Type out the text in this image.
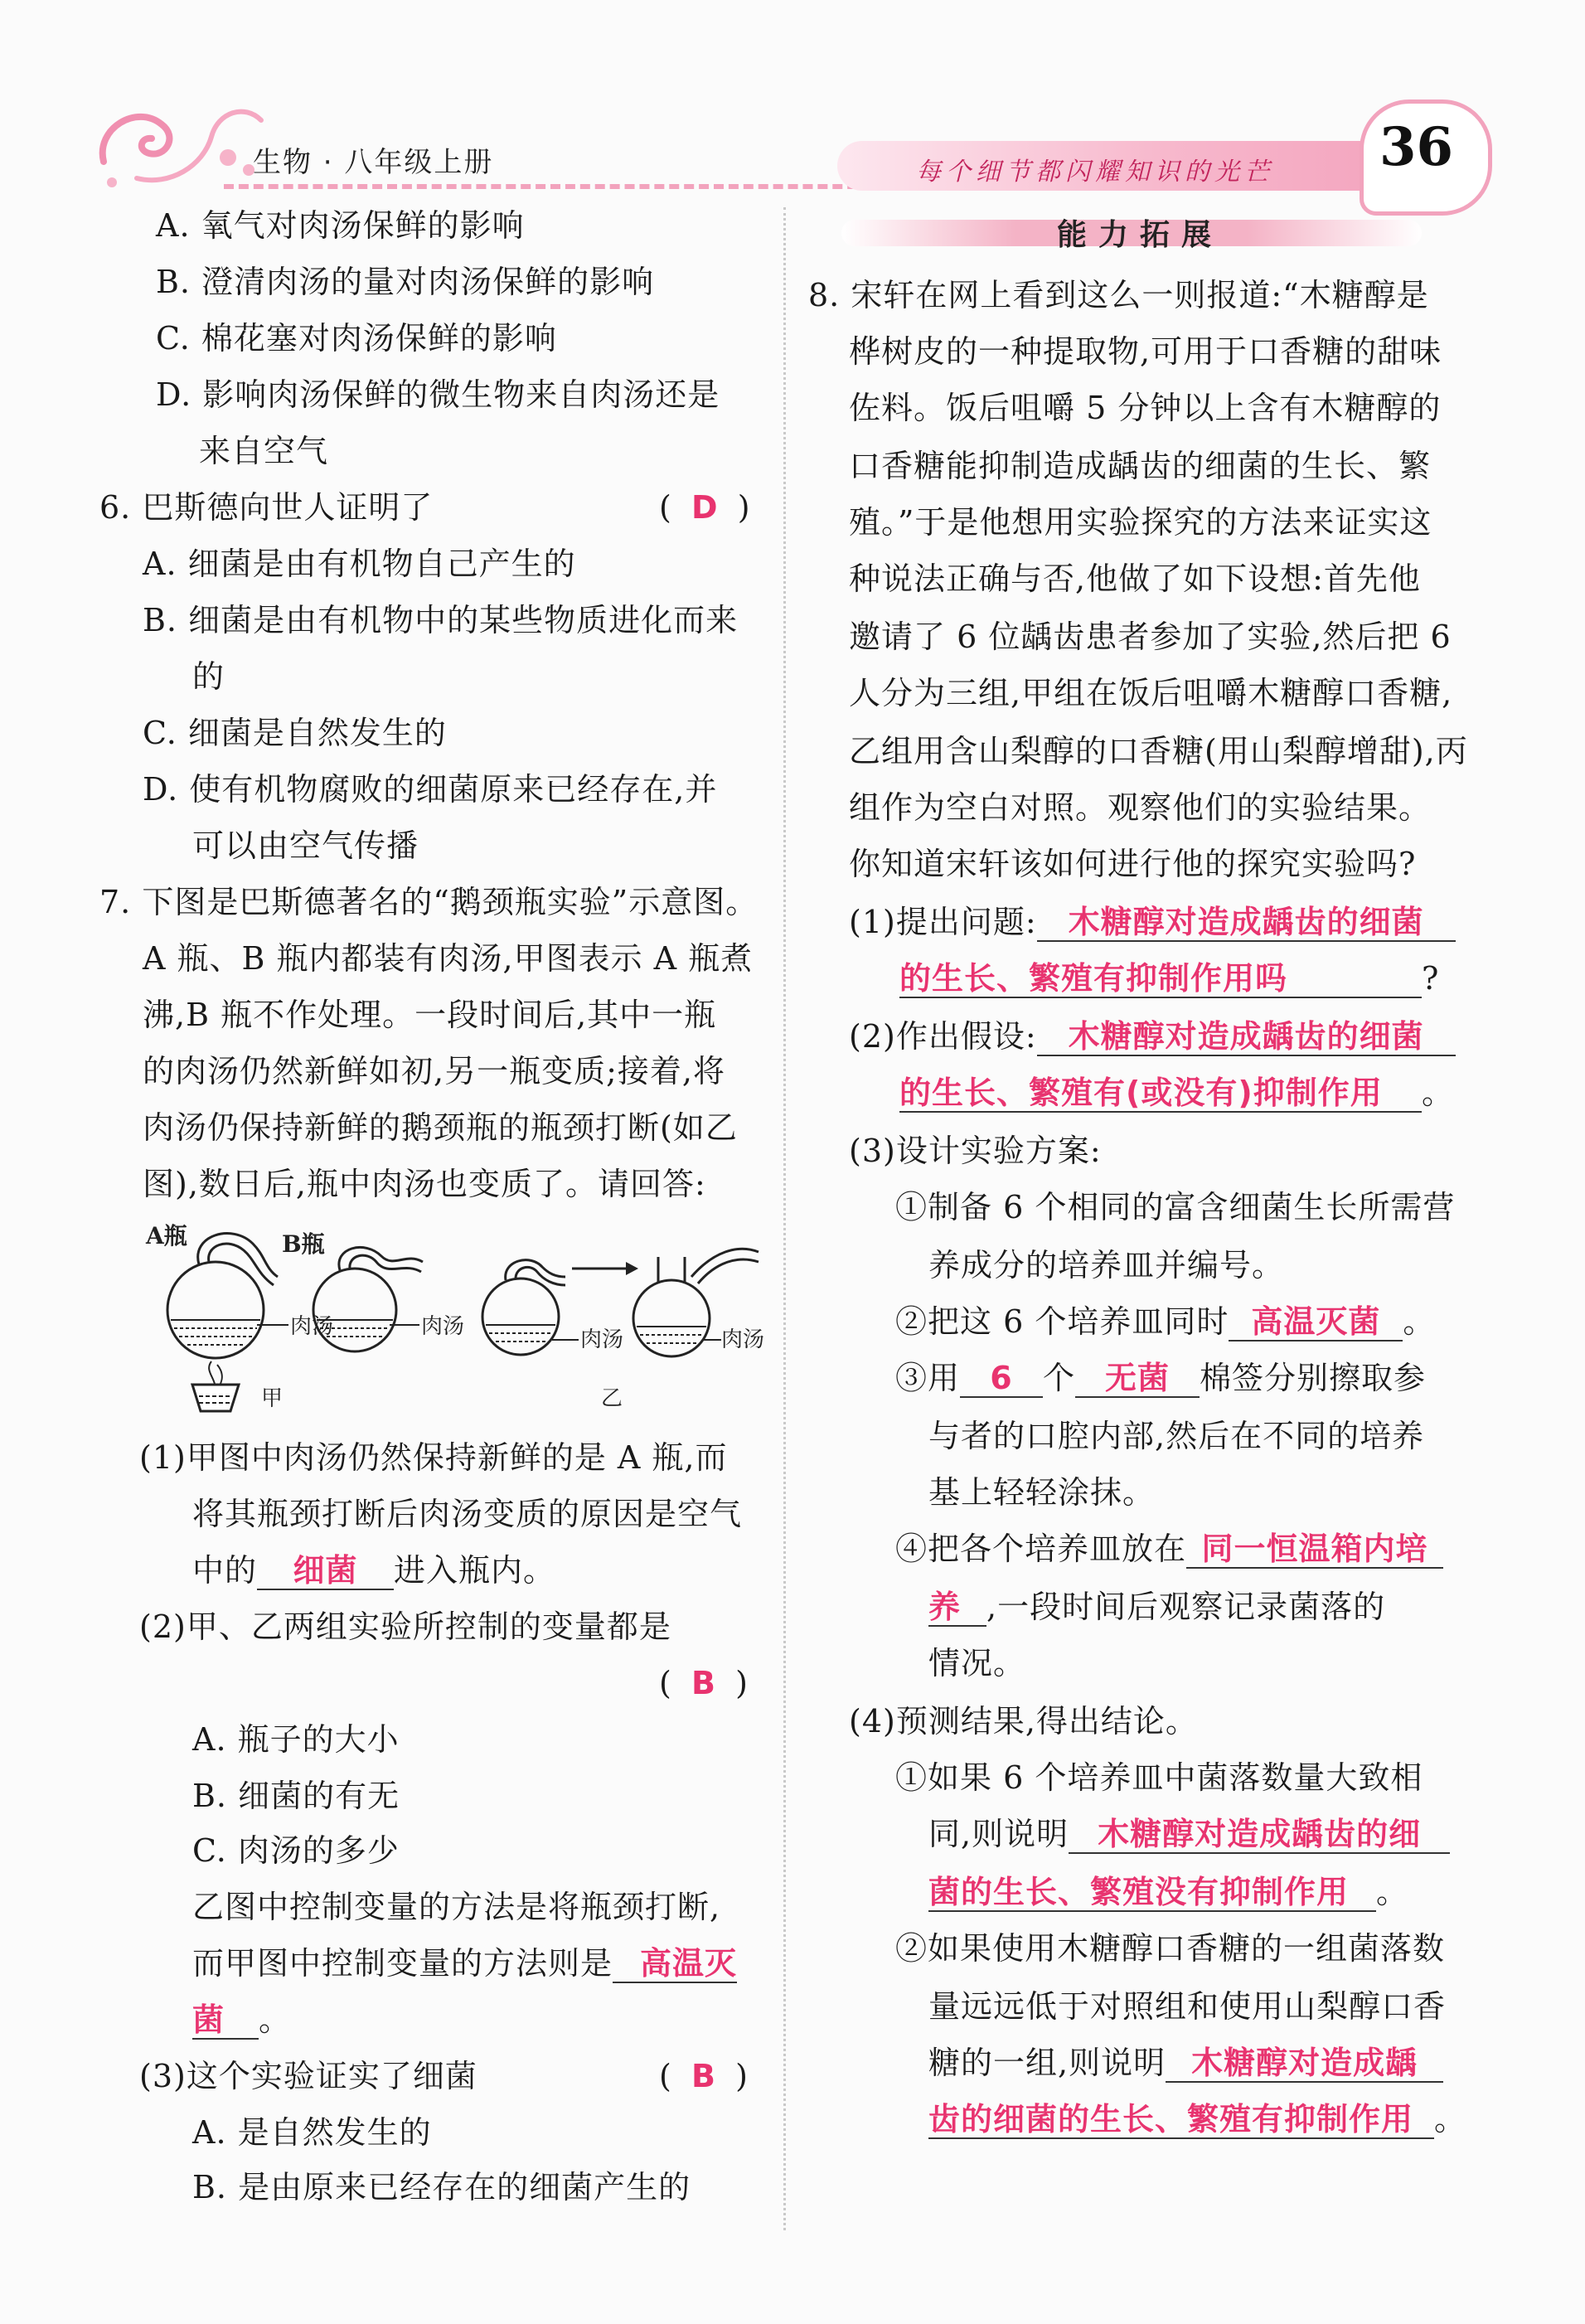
生物 · 八年级上册	每个细节都闪耀知识的光芒 36
A. 氧气对肉汤保鲜的影响
B. 澄清肉汤的量对肉汤保鲜的影响
C. 棉花塞对肉汤保鲜的影响
D. 影响肉汤保鲜的微生物来自肉汤还是
来自空气
6. 巴斯德向世人证明了	(  D  )
A. 细菌是由有机物自己产生的
B. 细菌是由有机物中的某些物质进化而来
的
C. 细菌是自然发生的
D. 使有机物腐败的细菌原来已经存在,并
可以由空气传播
7. 下图是巴斯德著名的“鹅颈瓶实验”示意图。
A 瓶、B 瓶内都装有肉汤,甲图表示 A 瓶煮
沸,B 瓶不作处理。一段时间后,其中一瓶
的肉汤仍然新鲜如初,另一瓶变质;接着,将
肉汤仍保持新鲜的鹅颈瓶的瓶颈打断(如乙
图),数日后,瓶中肉汤也变质了。请回答:
A瓶
肉汤
甲
B瓶
肉汤
肉汤	肉汤
乙
(1)甲图中肉汤仍然保持新鲜的是 A 瓶,而
将其瓶颈打断后肉汤变质的原因是空气
中的 细菌 进入瓶内。
(2)甲、乙两组实验所控制的变量都是
(  B  )
A. 瓶子的大小
B. 细菌的有无
C. 肉汤的多少
乙图中控制变量的方法是将瓶颈打断,
而甲图中控制变量的方法则是 高温灭
菌 。
(3)这个实验证实了细菌	(  B  )
A. 是自然发生的
B. 是由原来已经存在的细菌产生的
能力拓展
8. 宋轩在网上看到这么一则报道:“木糖醇是
桦树皮的一种提取物,可用于口香糖的甜味
佐料。饭后咀嚼 5 分钟以上含有木糖醇的
口香糖能抑制造成龋齿的细菌的生长、繁
殖。”于是他想用实验探究的方法来证实这
种说法正确与否,他做了如下设想:首先他
邀请了 6 位龋齿患者参加了实验,然后把 6
人分为三组,甲组在饭后咀嚼木糖醇口香糖,
乙组用含山梨醇的口香糖(用山梨醇增甜),丙
组作为空白对照。观察他们的实验结果。
你知道宋轩该如何进行他的探究实验吗?
(1)提出问题: 木糖醇对造成龋齿的细菌
的生长、繁殖有抑制作用吗	?
(2)作出假设: 木糖醇对造成龋齿的细菌
的生长、繁殖有(或没有)抑制作用 。
(3)设计实验方案:
①制备 6 个相同的富含细菌生长所需营
养成分的培养皿并编号。
②把这 6 个培养皿同时 高温灭菌 。
③用 6 个 无菌 棉签分别擦取参
与者的口腔内部,然后在不同的培养
基上轻轻涂抹。
④把各个培养皿放在 同一恒温箱内培
养 ,一段时间后观察记录菌落的
情况。
(4)预测结果,得出结论。
①如果 6 个培养皿中菌落数量大致相
同,则说明 木糖醇对造成龋齿的细
菌的生长、繁殖没有抑制作用 。
②如果使用木糖醇口香糖的一组菌落数
量远远低于对照组和使用山梨醇口香
糖的一组,则说明 木糖醇对造成龋
齿的细菌的生长、繁殖有抑制作用 。
